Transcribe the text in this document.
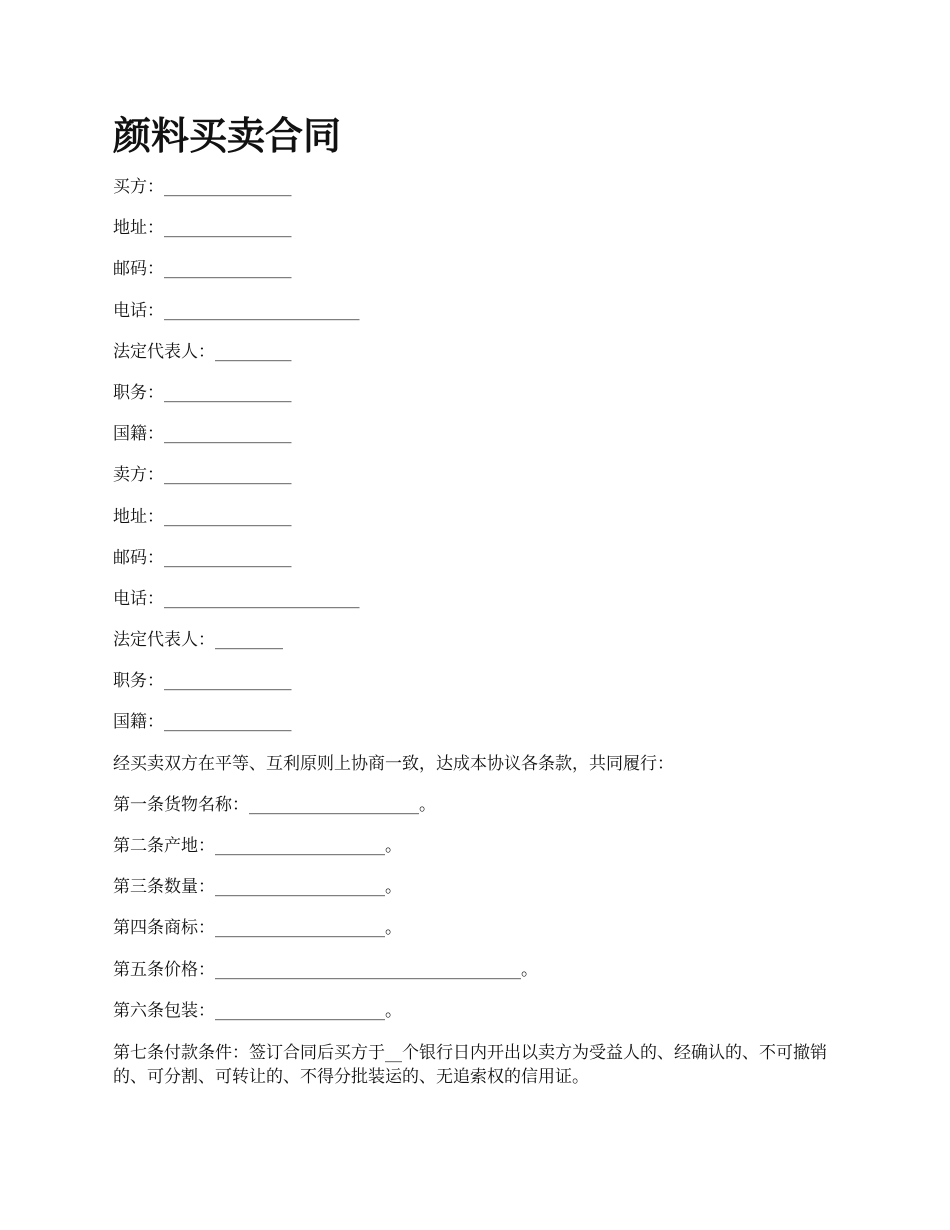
颜料买卖合同
买方：_______________
地址：_______________
邮码：_______________
电话：_______________________
法定代表人：_________
职务：_______________
国籍：_______________
卖方：_______________
地址：_______________
邮码：_______________
电话：_______________________
法定代表人：________
职务：_______________
国籍：_______________
经买卖双方在平等、互利原则上协商一致，达成本协议各条款，共同履行：
第一条货物名称：____________________。
第二条产地：____________________。
第三条数量：____________________。
第四条商标：____________________。
第五条价格：____________________________________。
第六条包装：____________________。

第七条付款条件：签订合同后买方于__个银行日内开出以卖方为受益人的、经确认的、不可撤销的、可分割、可转让的、不得分批装运的、无追索权的信用证。
